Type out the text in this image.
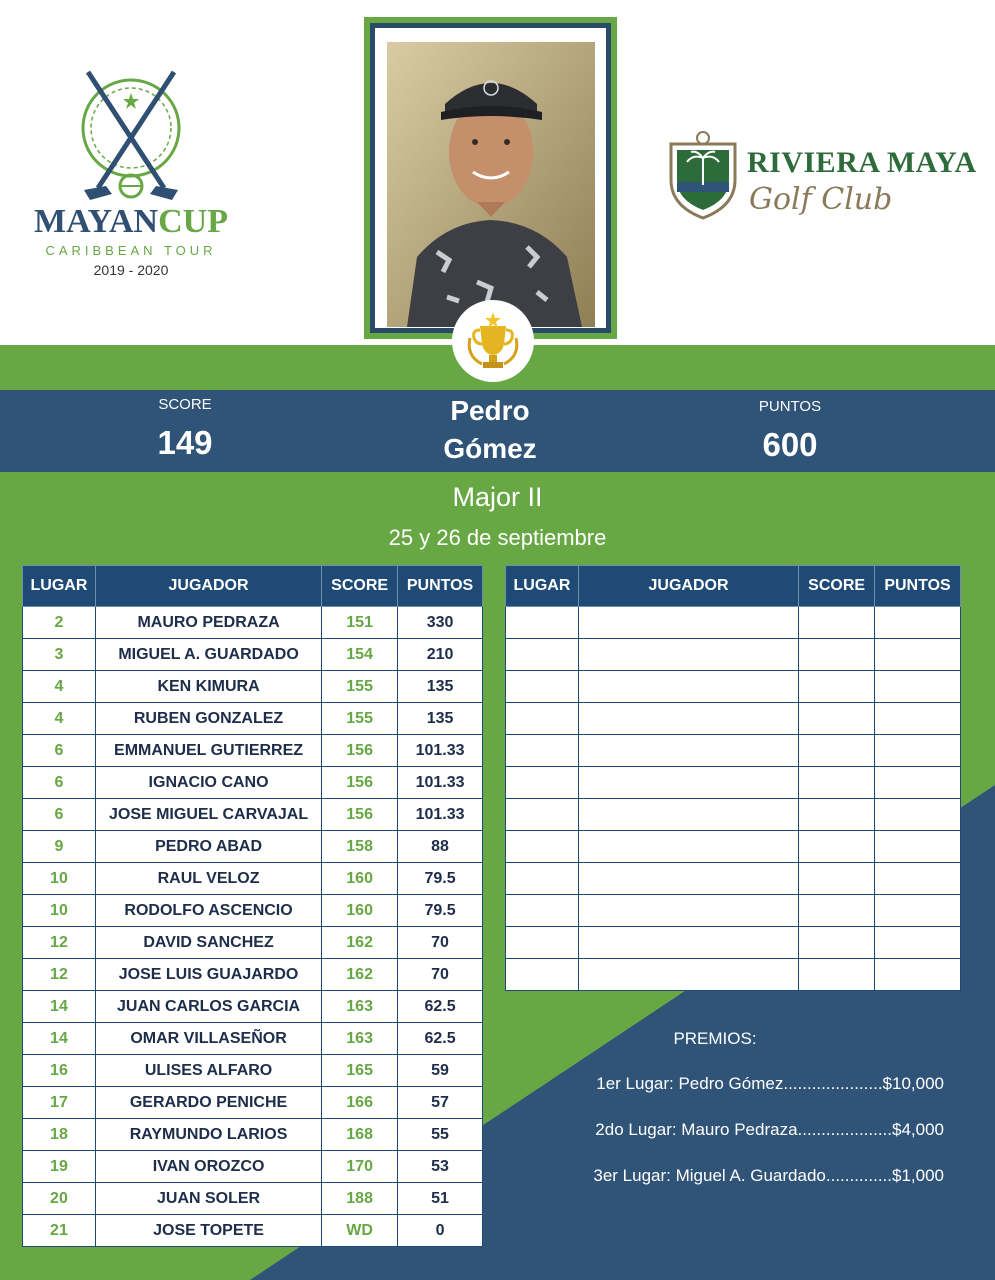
MAYANCUP
CARIBBEAN TOUR
2019 - 2020
RIVIERA MAYA
Golf Club
SCORE
149
Pedro
Gómez
PUNTOS
600
Major II
25 y 26 de septiembre
LUGAR	JUGADOR	SCORE	PUNTOS
2	MAURO PEDRAZA	151	330
3	MIGUEL A. GUARDADO	154	210
4	KEN KIMURA	155	135
4	RUBEN GONZALEZ	155	135
6	EMMANUEL GUTIERREZ	156	101.33
6	IGNACIO CANO	156	101.33
6	JOSE MIGUEL CARVAJAL	156	101.33
9	PEDRO ABAD	158	88
10	RAUL VELOZ	160	79.5
10	RODOLFO ASCENCIO	160	79.5
12	DAVID SANCHEZ	162	70
12	JOSE LUIS GUAJARDO	162	70
14	JUAN CARLOS GARCIA	163	62.5
14	OMAR VILLASEÑOR	163	62.5
16	ULISES ALFARO	165	59
17	GERARDO PENICHE	166	57
18	RAYMUNDO LARIOS	168	55
19	IVAN OROZCO	170	53
20	JUAN SOLER	188	51
21	JOSE TOPETE	WD	0
LUGAR	JUGADOR	SCORE	PUNTOS

PREMIOS:
1er Lugar: Pedro Gómez.....................$10,000
2do Lugar: Mauro Pedraza....................$4,000
3er Lugar: Miguel A. Guardado..............$1,000
